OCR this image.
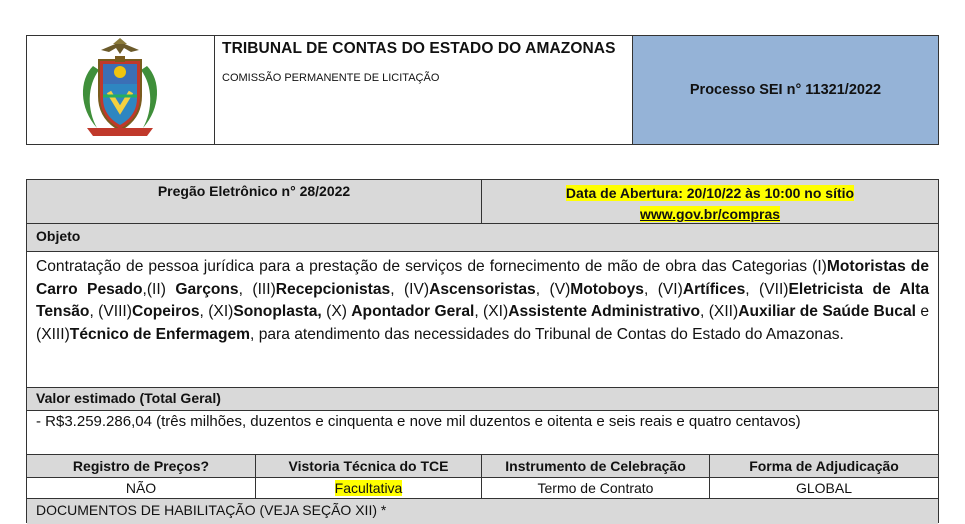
TRIBUNAL DE CONTAS DO ESTADO DO AMAZONAS
COMISSÃO PERMANENTE DE LICITAÇÃO
Processo SEI n° 11321/2022
Pregão Eletrônico n° 28/2022	Data de Abertura: 20/10/22 às 10:00 no sítio
www.gov.br/compras
Objeto
Contratação de pessoa jurídica para a prestação de serviços de fornecimento de mão de obra das Categorias (I)Motoristas de Carro Pesado,(II) Garçons, (III)Recepcionistas, (IV)Ascensoristas, (V)Motoboys, (VI)Artífices, (VII)Eletricista de Alta Tensão, (VIII)Copeiros, (XI)Sonoplasta, (X) Apontador Geral, (XI)Assistente Administrativo, (XII)Auxiliar de Saúde Bucal e (XIII)Técnico de Enfermagem, para atendimento das necessidades do Tribunal de Contas do Estado do Amazonas.
Valor estimado (Total Geral)
- R$3.259.286,04 (três milhões, duzentos e cinquenta e nove mil duzentos e oitenta e seis reais e quatro centavos)
Registro de Preços?	Vistoria Técnica do TCE	Instrumento de Celebração	Forma de Adjudicação
NÃO	Facultativa	Termo de Contrato	GLOBAL
DOCUMENTOS DE HABILITAÇÃO (VEJA SEÇÃO XII) *
